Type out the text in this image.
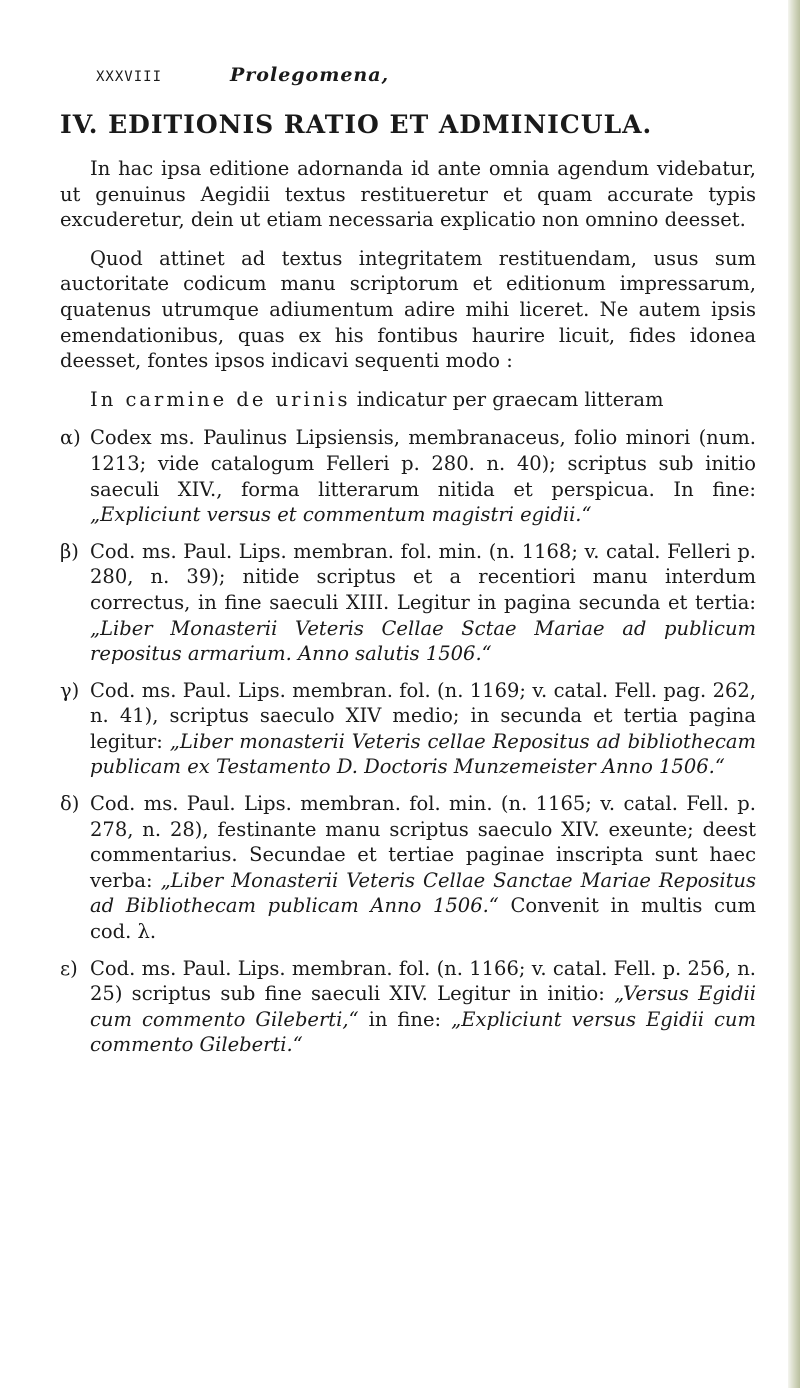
XXXVIII	Prolegomena,
IV. EDITIONIS RATIO ET ADMINICULA.

In hac ipsa editione adornanda id ante omnia agendum videbatur, ut genuinus Aegidii textus restitueretur et quam accurate typis excuderetur, dein ut etiam necessaria explicatio non omnino deesset.

Quod attinet ad textus integritatem restituendam, usus sum auctoritate codicum manu scriptorum et editionum impressarum, quatenus utrumque adiumentum adire mihi liceret. Ne autem ipsis emendationibus, quas ex his fontibus haurire licuit, fides idonea deesset, fontes ipsos indicavi sequenti modo :

In carmine de urinis indicatur per graecam litteram

α) Codex ms. Paulinus Lipsiensis, membranaceus, folio minori (num. 1213; vide catalogum Felleri p. 280. n. 40); scriptus sub initio saeculi XIV., forma litterarum nitida et perspicua. In fine: „Expliciunt versus et commentum magistri egidii.“
β) Cod. ms. Paul. Lips. membran. fol. min. (n. 1168; v. catal. Felleri p. 280, n. 39); nitide scriptus et a recentiori manu interdum correctus, in fine saeculi XIII. Legitur in pagina secunda et tertia: „Liber Monasterii Veteris Cellae Sctae Mariae ad publicum repositus armarium. Anno salutis 1506.“
γ) Cod. ms. Paul. Lips. membran. fol. (n. 1169; v. catal. Fell. pag. 262, n. 41), scriptus saeculo XIV medio; in secunda et tertia pagina legitur: „Liber monasterii Veteris cellae Repositus ad bibliothecam publicam ex Testamento D. Doctoris Munzemeister Anno 1506.“
δ) Cod. ms. Paul. Lips. membran. fol. min. (n. 1165; v. catal. Fell. p. 278, n. 28), festinante manu scriptus saeculo XIV. exeunte; deest commentarius. Secundae et tertiae paginae inscripta sunt haec verba: „Liber Monasterii Veteris Cellae Sanctae Mariae Repositus ad Bibliothecam publicam Anno 1506.“ Convenit in multis cum cod. λ.
ε) Cod. ms. Paul. Lips. membran. fol. (n. 1166; v. catal. Fell. p. 256, n. 25) scriptus sub fine saeculi XIV. Legitur in initio: „Versus Egidii cum commento Gileberti,“ in fine: „Expliciunt versus Egidii cum commento Gileberti.“
